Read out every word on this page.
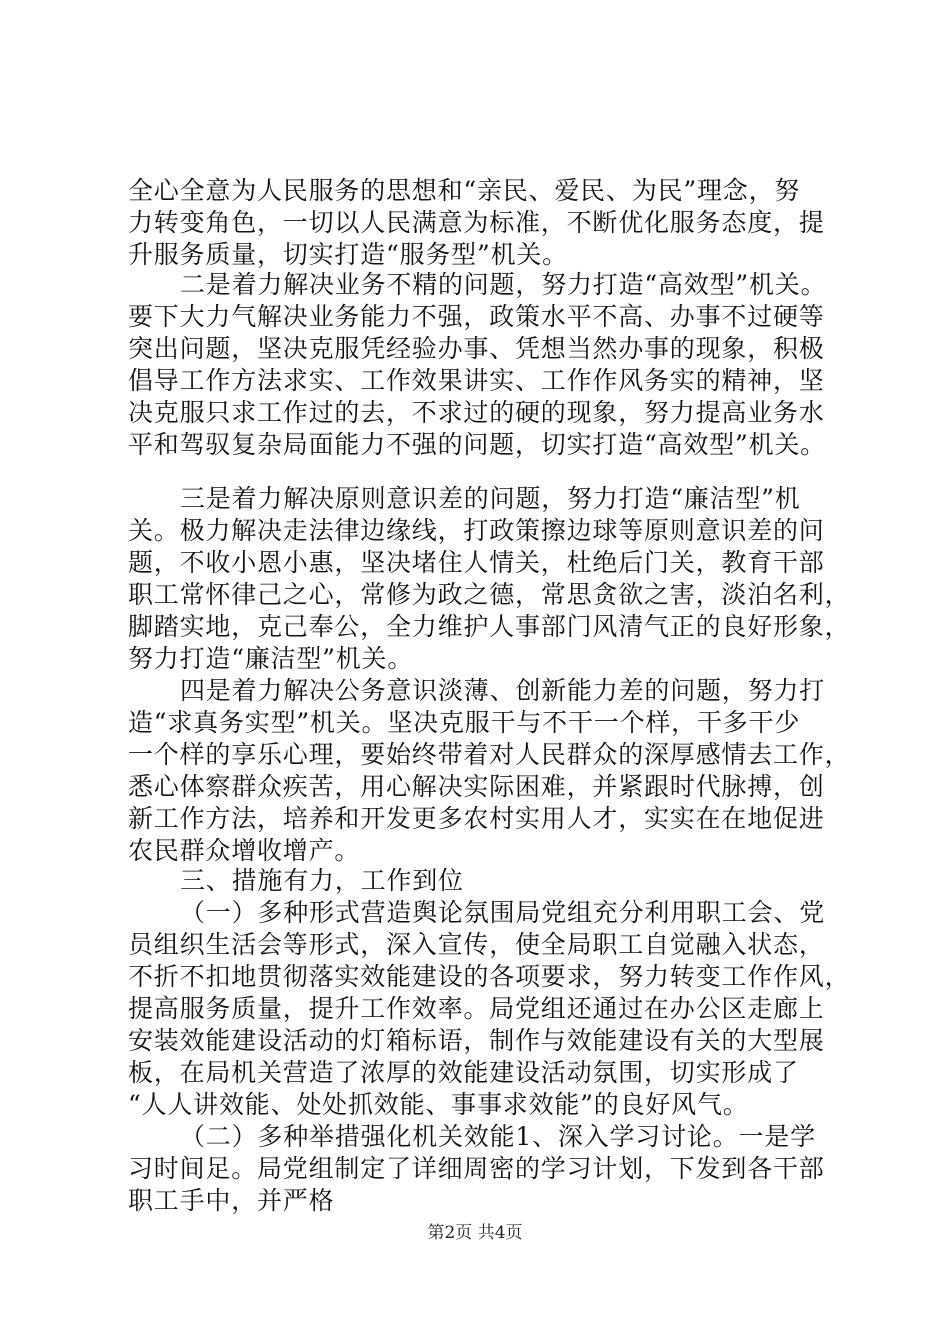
全心全意为人民服务的思想和“亲民、爱民、为民”理念，努
力转变角色，一切以人民满意为标准，不断优化服务态度，提
升服务质量，切实打造“服务型”机关。
二是着力解决业务不精的问题，努力打造“高效型”机关。
要下大力气解决业务能力不强，政策水平不高、办事不过硬等
突出问题，坚决克服凭经验办事、凭想当然办事的现象，积极
倡导工作方法求实、工作效果讲实、工作作风务实的精神，坚
决克服只求工作过的去，不求过的硬的现象，努力提高业务水
平和驾驭复杂局面能力不强的问题，切实打造“高效型”机关。
三是着力解决原则意识差的问题，努力打造“廉洁型”机
关。极力解决走法律边缘线，打政策擦边球等原则意识差的问
题，不收小恩小惠，坚决堵住人情关，杜绝后门关，教育干部
职工常怀律己之心，常修为政之德，常思贪欲之害，淡泊名利，
脚踏实地，克己奉公，全力维护人事部门风清气正的良好形象，
努力打造“廉洁型”机关。
四是着力解决公务意识淡薄、创新能力差的问题，努力打
造“求真务实型”机关。坚决克服干与不干一个样，干多干少
一个样的享乐心理，要始终带着对人民群众的深厚感情去工作，
悉心体察群众疾苦，用心解决实际困难，并紧跟时代脉搏，创
新工作方法，培养和开发更多农村实用人才，实实在在地促进
农民群众增收增产。
三、措施有力，工作到位
（一）多种形式营造舆论氛围局党组充分利用职工会、党
员组织生活会等形式，深入宣传，使全局职工自觉融入状态，
不折不扣地贯彻落实效能建设的各项要求，努力转变工作作风，
提高服务质量，提升工作效率。局党组还通过在办公区走廊上
安装效能建设活动的灯箱标语，制作与效能建设有关的大型展
板，在局机关营造了浓厚的效能建设活动氛围，切实形成了
“人人讲效能、处处抓效能、事事求效能”的良好风气。
（二）多种举措强化机关效能1、深入学习讨论。一是学
习时间足。局党组制定了详细周密的学习计划，下发到各干部
职工手中，并严格
第2页 共4页
